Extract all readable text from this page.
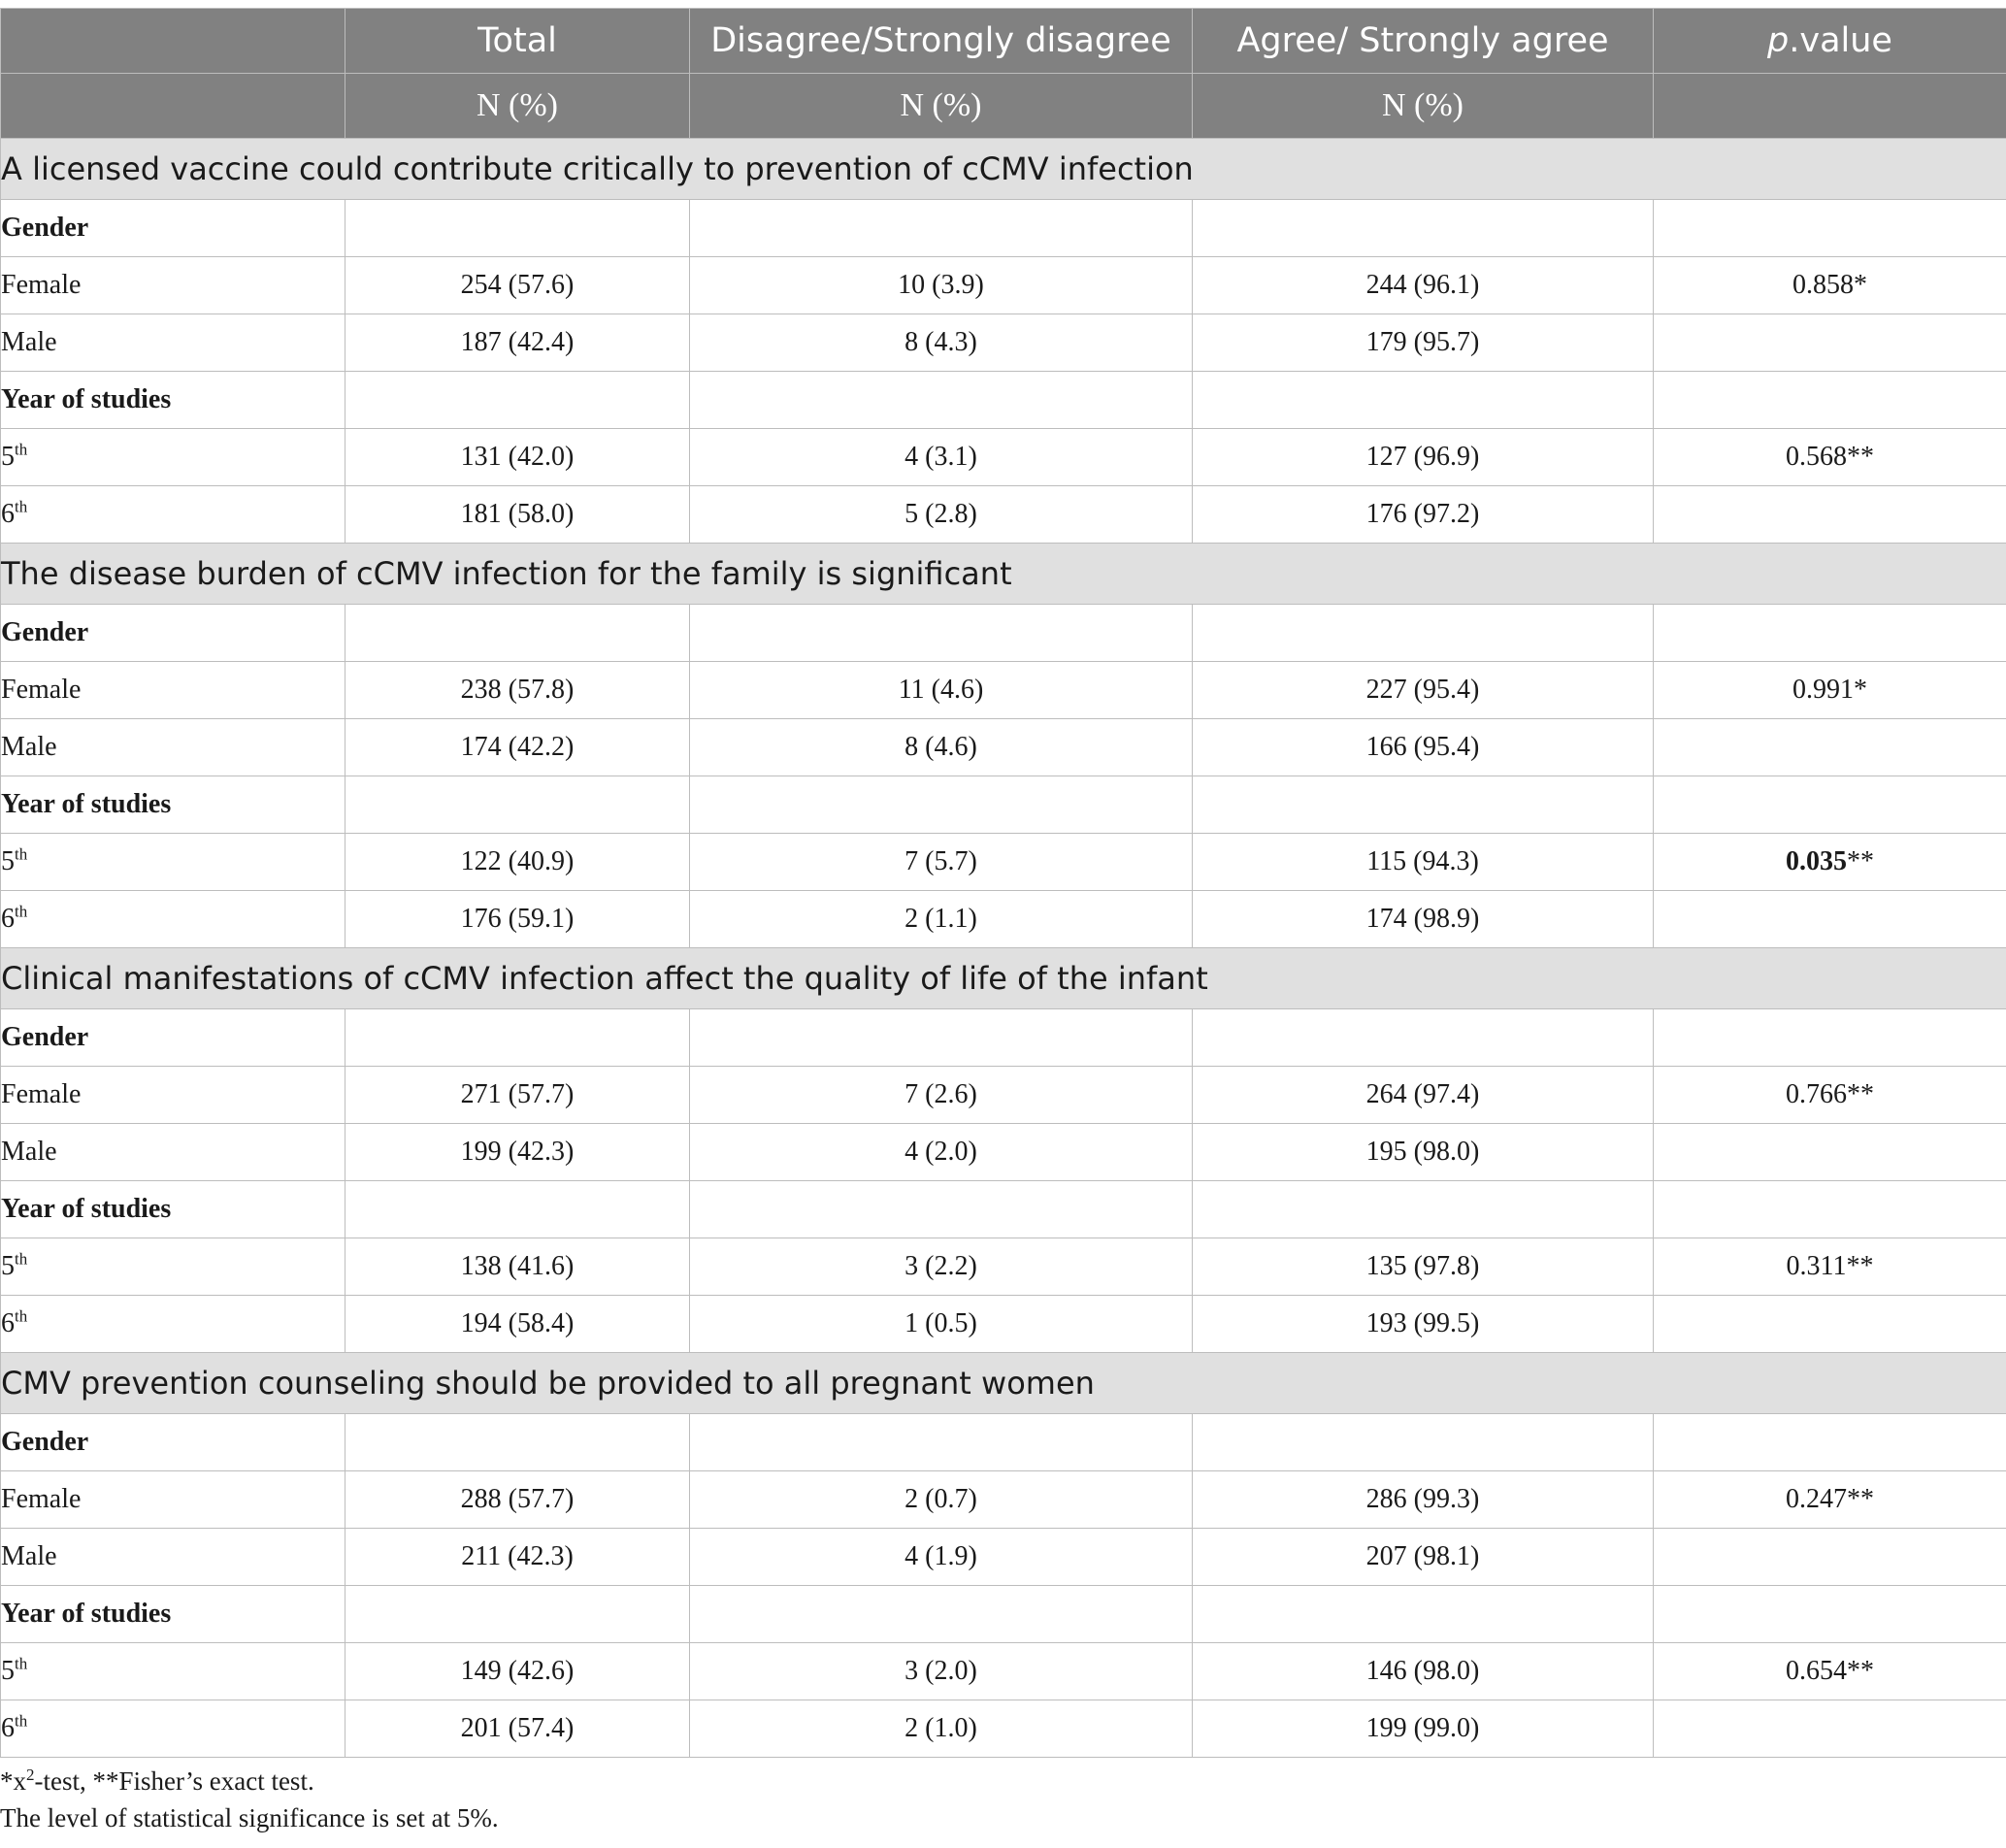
	Total	Disagree/Strongly disagree	Agree/ Strongly agree	p.value
	N (%)	N (%)	N (%)	
A licensed vaccine could contribute critically to prevention of cCMV infection				
Gender				
Female	254 (57.6)	10 (3.9)	244 (96.1)	0.858*
Male	187 (42.4)	8 (4.3)	179 (95.7)	
Year of studies				
5th	131 (42.0)	4 (3.1)	127 (96.9)	0.568**
6th	181 (58.0)	5 (2.8)	176 (97.2)	
The disease burden of cCMV infection for the family is significant				
Gender				
Female	238 (57.8)	11 (4.6)	227 (95.4)	0.991*
Male	174 (42.2)	8 (4.6)	166 (95.4)	
Year of studies				
5th	122 (40.9)	7 (5.7)	115 (94.3)	0.035**
6th	176 (59.1)	2 (1.1)	174 (98.9)	
Clinical manifestations of cCMV infection affect the quality of life of the infant				
Gender				
Female	271 (57.7)	7 (2.6)	264 (97.4)	0.766**
Male	199 (42.3)	4 (2.0)	195 (98.0)	
Year of studies				
5th	138 (41.6)	3 (2.2)	135 (97.8)	0.311**
6th	194 (58.4)	1 (0.5)	193 (99.5)	
CMV prevention counseling should be provided to all pregnant women				
Gender				
Female	288 (57.7)	2 (0.7)	286 (99.3)	0.247**
Male	211 (42.3)	4 (1.9)	207 (98.1)	
Year of studies				
5th	149 (42.6)	3 (2.0)	146 (98.0)	0.654**
6th	201 (57.4)	2 (1.0)	199 (99.0)	
$*x^2$-test, **Fisher’s exact test.
The level of statistical significance is set at 5%.
